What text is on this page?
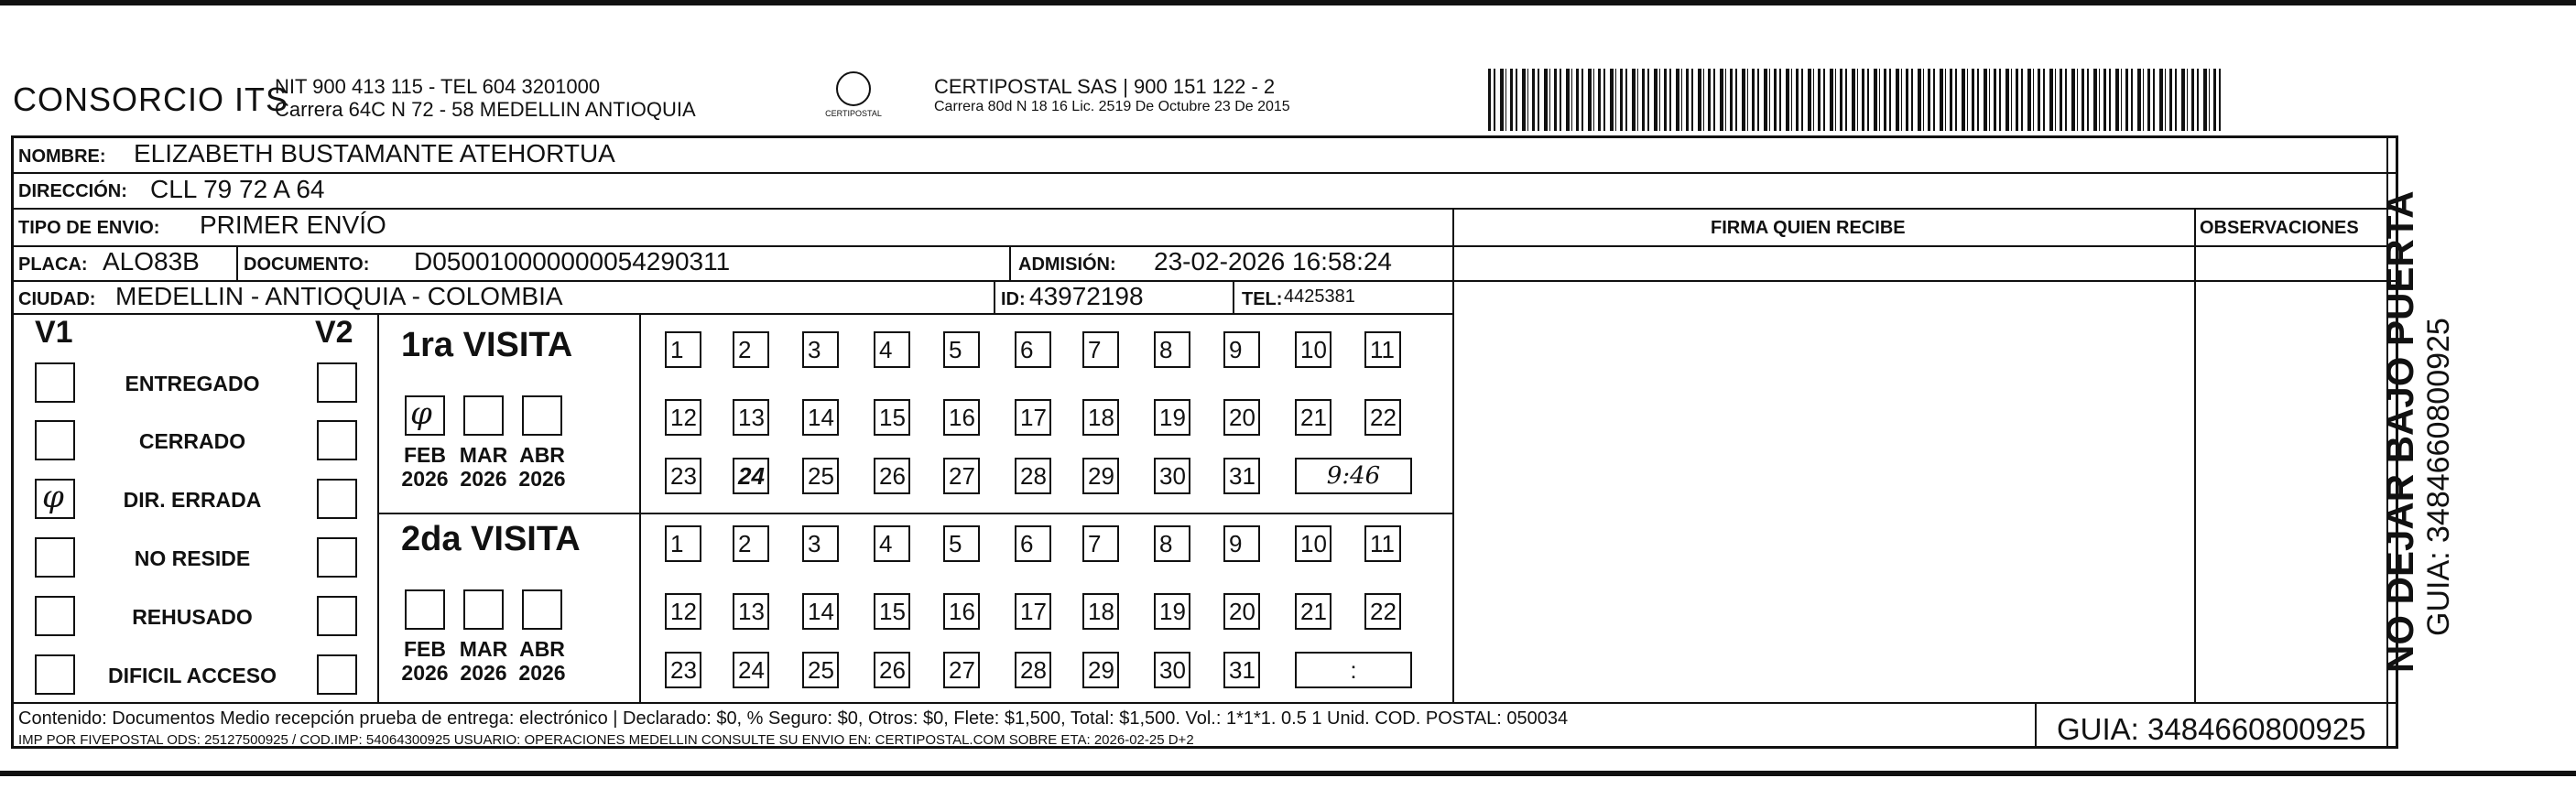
CONSORCIO ITS
NIT 900 413 115 - TEL 604 3201000
Carrera 64C N 72 - 58 MEDELLIN ANTIOQUIA	CERTIPOSTAL
CERTIPOSTAL SAS | 900 151 122 - 2
Carrera 80d N 18 16 Lic. 2519 De Octubre 23 De 2015
NOMBRE: ELIZABETH BUSTAMANTE ATEHORTUA
DIRECCIÓN: CLL 79 72 A 64
TIPO DE ENVIO: PRIMER ENVÍO	FIRMA QUIEN RECIBE	OBSERVACIONES
PLACA: ALO83B DOCUMENTO: D050010000000054290311	ADMISIÓN: 23-02-2026 16:58:24
CIUDAD: MEDELLIN - ANTIOQUIA - COLOMBIA	ID: 43972198	TEL: 4425381
V1	V2
ENTREGADO
CERRADO
φ	DIR. ERRADA
NO RESIDE
REHUSADO
DIFICIL ACCESO
1ra VISITA
2da VISITA
φ
FEB
2026
MAR
2026
ABR
2026
1	2	3	4	5	6	7	8	9	10 11
12 13 14 15 16 17 18 19 20 21 22
23 24 25 26 27 28 29 30 31	9:46
FEB
2026
MAR
2026
ABR
2026
1	2	3	4	5	6	7	8	9	10 11
12 13 14 15 16 17 18 19 20 21 22
23 24 25 26 27 28 29 30 31	:
Contenido: Documentos Medio recepción prueba de entrega: electrónico | Declarado: $0, % Seguro: $0, Otros: $0, Flete: $1,500, Total: $1,500. Vol.: 1*1*1. 0.5 1 Unid. COD. POSTAL: 050034
IMP POR FIVEPOSTAL ODS: 25127500925 / COD.IMP: 54064300925 USUARIO: OPERACIONES MEDELLIN CONSULTE SU ENVIO EN: CERTIPOSTAL.COM SOBRE ETA: 2026-02-25 D+2	GUIA: 3484660800925
NO DEJAR BAJO PUERTA GUIA: 3484660800925
